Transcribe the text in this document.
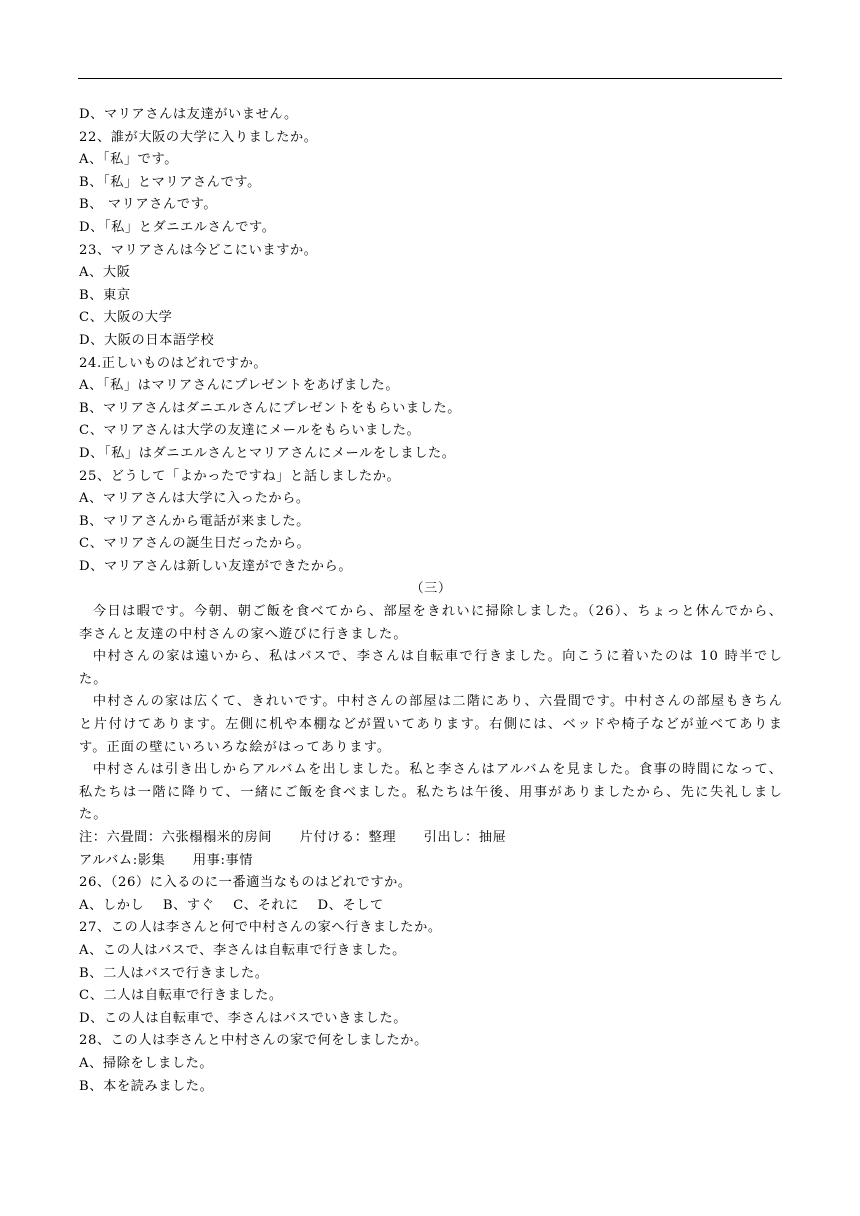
D、マリアさんは友達がいません。
22、誰が大阪の大学に入りましたか。
A、「私」です。
B、「私」とマリアさんです。
B、 マリアさんです。
D、「私」とダニエルさんです。
23、マリアさんは今どこにいますか。
A、大阪
B、東京
C、大阪の大学
D、大阪の日本語学校
24.正しいものはどれですか。
A、「私」はマリアさんにプレゼントをあげました。
B、マリアさんはダニエルさんにプレゼントをもらいました。
C、マリアさんは大学の友達にメールをもらいました。
D、「私」はダニエルさんとマリアさんにメールをしました。
25、どうして「よかったですね」と話しましたか。
A、マリアさんは大学に入ったから。
B、マリアさんから電話が来ました。
C、マリアさんの誕生日だったから。
D、マリアさんは新しい友達ができたから。
（三）
今日は暇です。今朝、朝ご飯を食べてから、部屋をきれいに掃除しました。（26）、ちょっと休んでから、李さんと友達の中村さんの家へ遊びに行きました。
中村さんの家は遠いから、私はバスで、李さんは自転車で行きました。向こうに着いたのは 10 時半でした。
中村さんの家は広くて、きれいです。中村さんの部屋は二階にあり、六畳間です。中村さんの部屋もきちんと片付けてあります。左側に机や本棚などが置いてあります。右側には、ベッドや椅子などが並べてあります。正面の壁にいろいろな絵がはってあります。
中村さんは引き出しからアルバムを出しました。私と李さんはアルバムを見ました。食事の時間になって、私たちは一階に降りて、一緒にご飯を食べました。私たちは午後、用事がありましたから、先に失礼しました。
注：六畳間：六张榻榻米的房间　　片付ける：整理　　引出し：抽屉
アルバム:影集　　用事:事情
26、（26）に入るのに一番適当なものはどれですか。
A、しかし　 B、すぐ　 C、それに　 D、そして
27、この人は李さんと何で中村さんの家へ行きましたか。
A、この人はバスで、李さんは自転車で行きました。
B、二人はバスで行きました。
C、二人は自転車で行きました。
D、この人は自転車で、李さんはバスでいきました。
28、この人は李さんと中村さんの家で何をしましたか。
A、掃除をしました。
B、本を読みました。
